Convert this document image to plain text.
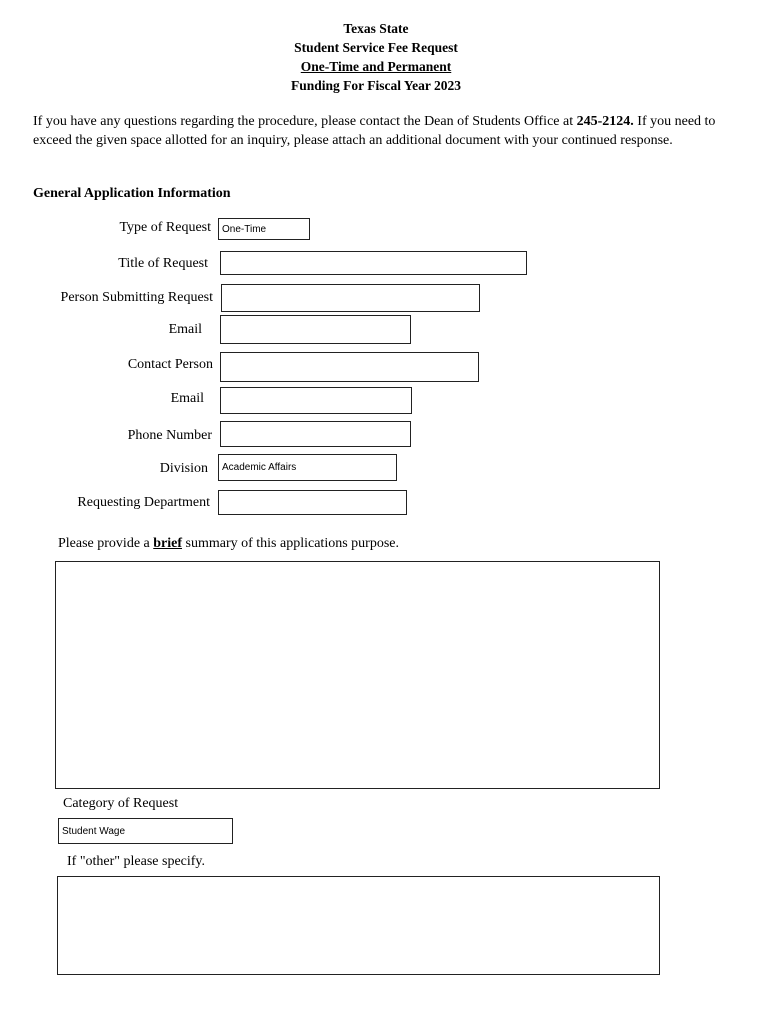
Texas State
Student Service Fee Request
One-Time and Permanent
Funding For Fiscal Year 2023
If you have any questions regarding the procedure, please contact the Dean of Students Office at 245-2124. If you need to exceed the given space allotted for an inquiry, please attach an additional document with your continued response.
General Application Information
Type of Request	One-Time
Title of Request
Person Submitting Request
Email
Contact Person
Email
Phone Number
Division	Academic Affairs
Requesting Department
Please provide a brief summary of this applications purpose.
Category of Request
Student Wage
If "other" please specify.
